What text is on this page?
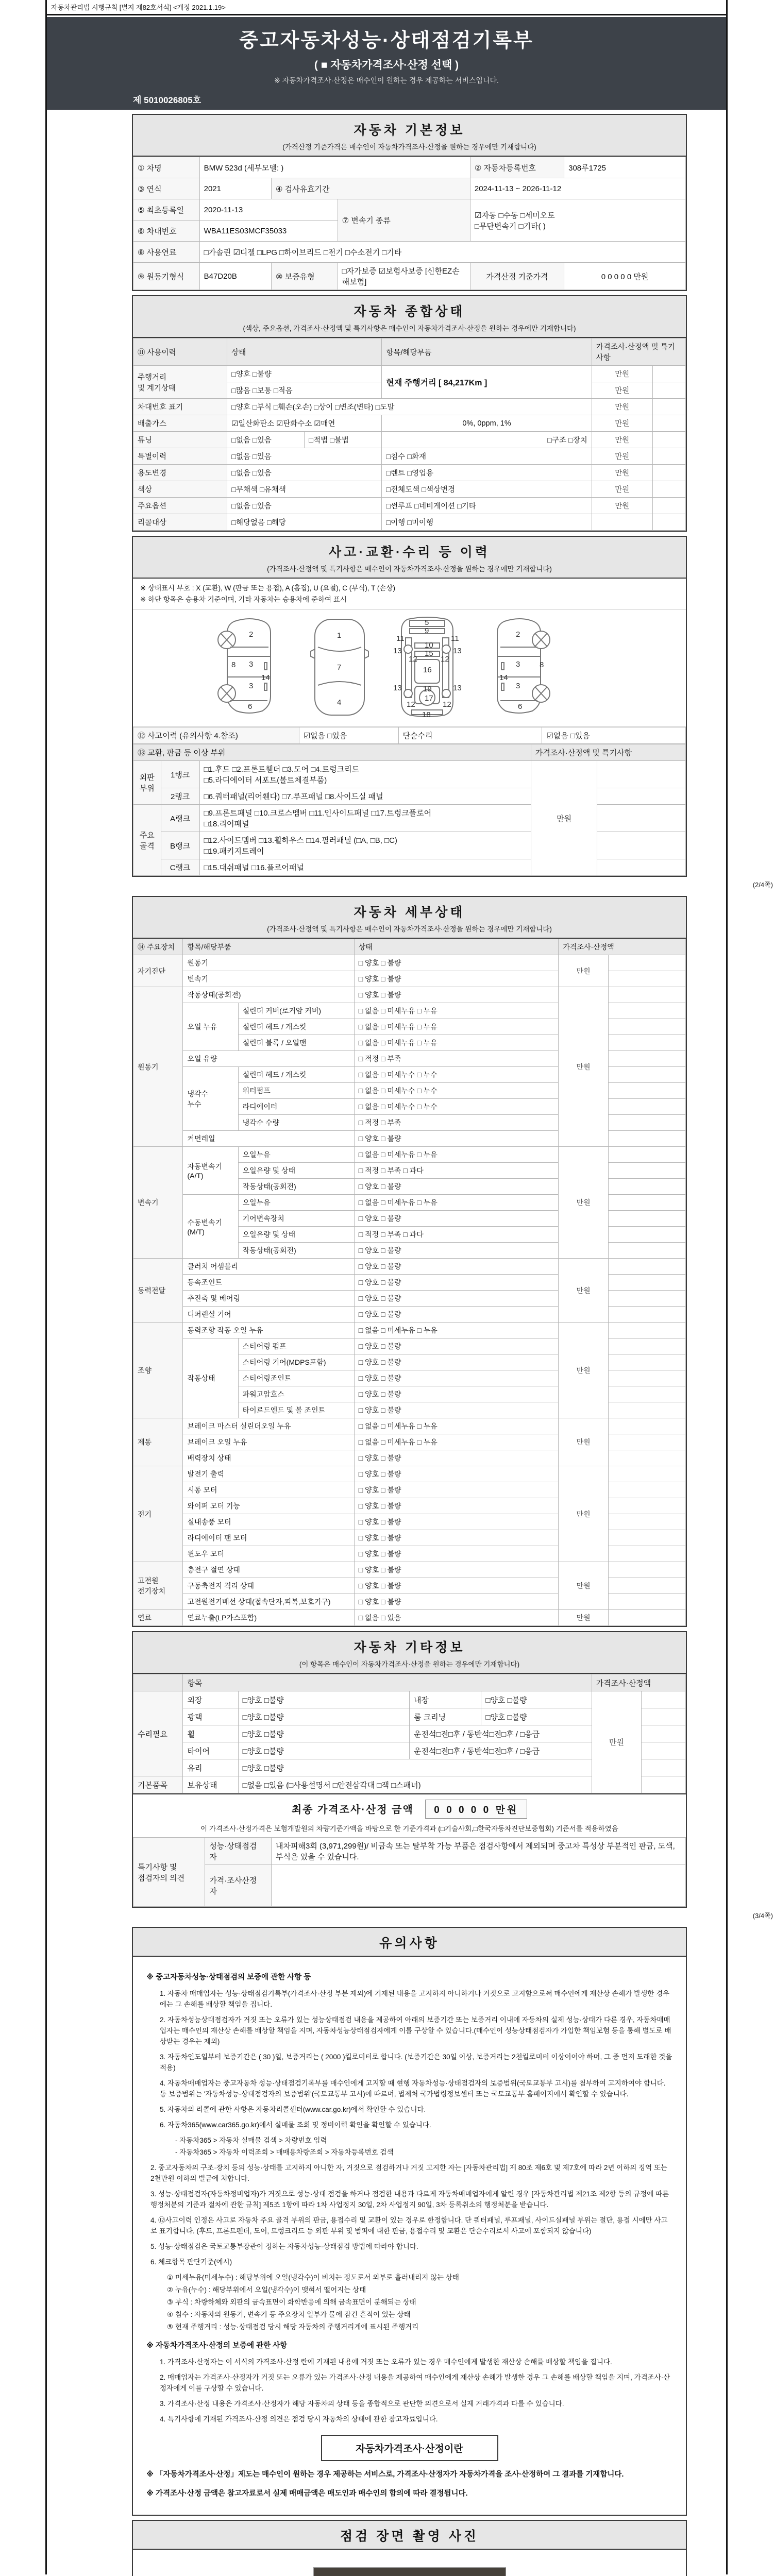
자동차관리법 시행규칙 [별지 제82호서식] <개정 2021.1.19>
중고자동차성능·상태점검기록부
( ■ 자동차가격조사·산정 선택 )
※ 자동차가격조사·산정은 매수인이 원하는 경우 제공하는 서비스입니다.
제 5010026805호
자동차 기본정보
(가격산정 기준가격은 매수인이 자동차가격조사·산정을 원하는 경우에만 기재합니다)
① 차명	BMW 523d (세부모델: )			② 자동차등록번호	308루1725
③ 연식	2021	④ 검사유효기간		2024-11-13 ~ 2026-11-12	
⑤ 최초등록일	2020-11-13		⑦ 변속기 종류	☑자동 □수동 □세미오토
□무단변속기 □기타( )	
⑥ 차대번호	WBA11ES03MCF35033				
⑧ 사용연료	□가솔린 ☑디젤 □LPG □하이브리드 □전기 □수소전기 □기타				
⑨ 원동기형식	B47D20B	⑩ 보증유형	□자가보증 ☑보험사보증 [신한EZ손해보험]	가격산정 기준가격	0 0 0 0 0 만원
자동차 종합상태
(색상, 주요옵션, 가격조사·산정액 및 특기사항은 매수인이 자동차가격조사·산정을 원하는 경우에만 기재합니다)
⑪ 사용이력	상태		항목/해당부품	가격조사·산정액 및 특기사항	
주행거리
및 계기상태	□양호 □불량		현재 주행거리 [ 84,217Km ]	만원	
	□많음 □보통 □적음			만원	
차대번호 표기	□양호 □부식 □훼손(오손) □상이 □변조(변타) □도말			만원	
배출가스	☑일산화탄소 ☑탄화수소 ☑매연		0%, 0ppm, 1%	만원	
튜닝	□없음 □있음	□적법 □불법	□구조 □장치	만원	
특별이력	□없음 □있음		□침수 □화재	만원	
용도변경	□없음 □있음		□렌트 □영업용	만원	
색상	□무채색 □유채색		□전체도색 □색상변경	만원	
주요옵션	□없음 □있음		□썬루프 □네비게이션 □기타	만원	
리콜대상	□해당없음 □해당		□이행 □미이행		
사고·교환·수리 등 이력
(가격조사·산정액 및 특기사항은 매수인이 자동차가격조사·산정을 원하는 경우에만 기재합니다)
※ 상태표시 부호 : X (교환), W (판금 또는 용접), A (흠집), U (요철), C (부식), T (손상)
※ 하단 항목은 승용차 기준이며, 기타 자동차는 승용차에 준하여 표시
2
8 3
3
14
6
1
7
4
5
9
11	11
13	13
12	12
10
15
16
19
13	13
12	12
17
18
2
8
3
3
14
6
⑫ 사고이력 (유의사항 4.참조)	☑없음 □있음	단순수리	☑없음 □있음
⑬ 교환, 판금 등 이상 부위			가격조사·산정액 및 특기사항	
외판
부위	1랭크	□1.후드 □2.프론트휀더 □3.도어 □4.트렁크리드
□5.라디에이터 서포트(볼트체결부품)	만원	
	2랭크	□6.쿼터패널(리어휀다) □7.루프패널 □8.사이드실 패널		
주요
골격	A랭크	□9.프론트패널 □10.크로스멤버 □11.인사이드패널 □17.트렁크플로어
□18.리어패널		
	B랭크	□12.사이드멤버 □13.휠하우스 □14.필러패널 (□A, □B, □C)
□19.패키지트레이		
	C랭크	□15.대쉬패널 □16.플로어패널		
(2/4쪽)
자동차 세부상태
(가격조사·산정액 및 특기사항은 매수인이 자동차가격조사·산정을 원하는 경우에만 기재합니다)
⑭ 주요장치	항목/해당부품		상태	가격조사·산정액	
자기진단	원동기		□ 양호 □ 불량	만원	
	변속기		□ 양호 □ 불량		
원동기	작동상태(공회전)		□ 양호 □ 불량	만원	
	오일 누유	실린더 커버(로커암 커버)	□ 없음 □ 미세누유 □ 누유		
		실린더 헤드 / 개스킷	□ 없음 □ 미세누유 □ 누유		
		실린더 블록 / 오일팬	□ 없음 □ 미세누유 □ 누유		
	오일 유량		□ 적정 □ 부족		
	냉각수
누수	실린더 헤드 / 개스킷	□ 없음 □ 미세누수 □ 누수		
		워터펌프	□ 없음 □ 미세누수 □ 누수		
		라디에이터	□ 없음 □ 미세누수 □ 누수		
		냉각수 수량	□ 적정 □ 부족		
	커먼레일		□ 양호 □ 불량		
변속기	자동변속기
(A/T)	오일누유	□ 없음 □ 미세누유 □ 누유	만원	
		오일유량 및 상태	□ 적정 □ 부족 □ 과다		
		작동상태(공회전)	□ 양호 □ 불량		
	수동변속기
(M/T)	오일누유	□ 없음 □ 미세누유 □ 누유		
		기어변속장치	□ 양호 □ 불량		
		오일유량 및 상태	□ 적정 □ 부족 □ 과다		
		작동상태(공회전)	□ 양호 □ 불량		
동력전달	클러치 어셈블리		□ 양호 □ 불량	만원	
	등속조인트		□ 양호 □ 불량		
	추진축 및 베어링		□ 양호 □ 불량		
	디퍼렌셜 기어		□ 양호 □ 불량		
조향	동력조향 작동 오일 누유		□ 없음 □ 미세누유 □ 누유	만원	
	작동상태	스티어링 펌프	□ 양호 □ 불량		
		스티어링 기어(MDPS포함)	□ 양호 □ 불량		
		스티어링조인트	□ 양호 □ 불량		
		파워고압호스	□ 양호 □ 불량		
		타이로드엔드 및 볼 조인트	□ 양호 □ 불량		
제동	브레이크 마스터 실린더오일 누유		□ 없음 □ 미세누유 □ 누유	만원	
	브레이크 오일 누유		□ 없음 □ 미세누유 □ 누유		
	배력장치 상태		□ 양호 □ 불량		
전기	발전기 출력		□ 양호 □ 불량	만원	
	시동 모터		□ 양호 □ 불량		
	와이퍼 모터 기능		□ 양호 □ 불량		
	실내송풍 모터		□ 양호 □ 불량		
	라디에이터 팬 모터		□ 양호 □ 불량		
	윈도우 모터		□ 양호 □ 불량		
고전원
전기장치	충전구 절연 상태		□ 양호 □ 불량	만원	
	구동축전지 격리 상태		□ 양호 □ 불량		
	고전원전기배선 상태(접속단자,피복,보호기구)		□ 양호 □ 불량		
연료	연료누출(LP가스포함)		□ 없음 □ 있음	만원	
자동차 기타정보
(이 항목은 매수인이 자동차가격조사·산정을 원하는 경우에만 기재합니다)
	항목				가격조사·산정액	
수리필요	외장	□양호 □불량	내장	□양호 □불량	만원	
	광택	□양호 □불량	룸 크리닝	□양호 □불량		
	휠	□양호 □불량	운전석□전□후 / 동반석□전□후 / □응급			
	타이어	□양호 □불량	운전석□전□후 / 동반석□전□후 / □응급			
	유리	□양호 □불량				
기본품목	보유상태	□없음 □있음 (□사용설명서 □안전삼각대 □잭 □스패너)				
최종 가격조사·산정 금액 0 0 0 0 0 만원
이 가격조사·산정가격은 보험개발원의 차량기준가액을 바탕으로 한 기준가격과 (□기술사회,□한국자동차진단보증협회) 기준서를 적용하였음
특기사항 및
점검자의 의견	성능·상태점검
자	내차피해3회 (3,971,299원)/ 비금속 또는 탈부착 가능 부품은 점검사항에서 제외되며 중고차 특성상 부분적인 판금, 도색, 부식은 있을 수 있습니다.
	가격·조사산정
자	
(3/4쪽)
유의사항
※ 중고자동차성능·상태점검의 보증에 관한 사항 등
1. 자동차 매매업자는 성능·상태점검기록부(가격조사·산정 부분 제외)에 기재된 내용을 고지하지 아니하거나 거짓으로 고지함으로써 매수인에게 재산상 손해가 발생한 경우에는 그 손해를 배상할 책임을 집니다.
2. 자동차성능상태점검자가 거짓 또는 오류가 있는 성능상태점검 내용을 제공하여 아래의 보증기간 또는 보증거리 이내에 자동차의 실제 성능·상태가 다른 경우, 자동차매매업자는 매수인의 재산상 손해를 배상할 책임을 지며, 자동차성능상태점검자에게 이를 구상할 수 있습니다.(매수인이 성능상태점검자가 가입한 책임보험 등을 통해 별도로 배상받는 경우는 제외)
3. 자동차인도일부터 보증기간은 ( 30 )일, 보증거리는 ( 2000 )킬로미터로 합니다. (보증기간은 30일 이상, 보증거리는 2천킬로미터 이상이어야 하며, 그 중 먼저 도래한 것을 적용)
4. 자동차매매업자는 중고자동차 성능·상태점검기록부를 매수인에게 고지할 때 현행 자동차성능·상태점검자의 보증범위(국토교통부 고시)를 첨부하여 고지하여야 합니다. 동 보증범위는 '자동차성능·상태점검자의 보증범위'(국토교통부 고시)에 따르며, 법제처 국가법령정보센터 또는 국토교통부 홈페이지에서 확인할 수 있습니다.
5. 자동차의 리콜에 관한 사항은 자동차리콜센터(www.car.go.kr)에서 확인할 수 있습니다.
6. 자동차365(www.car365.go.kr)에서 실매물 조회 및 정비이력 확인을 확인할 수 있습니다.
- 자동차365 > 자동차 실매물 검색 > 차량번호 입력
- 자동차365 > 자동차 이력조회 > 매매용차량조회 > 자동차등록번호 검색
2. 중고자동차의 구조·장치 등의 성능·상태를 고지하지 아니한 자, 거짓으로 점검하거나 거짓 고지한 자는 [자동차관리법] 제 80조 제6호 및 제7호에 따라 2년 이하의 징역 또는 2천만원 이하의 벌금에 처합니다.
3. 성능·상태점검자(자동차정비업자)가 거짓으로 성능·상태 점검을 하거나 점검한 내용과 다르게 자동차매매업자에게 알린 경우 [자동차관리법 제21조 제2항 등의 규정에 따른 행정처분의 기준과 절차에 관한 규칙] 제5조 1항에 따라 1차 사업정지 30일, 2차 사업정지 90일, 3차 등록취소의 행정처분을 받습니다.
4. ⑫사고이력 인정은 사고로 자동차 주요 골격 부위의 판금, 용접수리 및 교환이 있는 경우로 한정합니다. 단 쿼터패널, 루프패널, 사이드실패널 부위는 절단, 용접 시에만 사고로 표기합니다. (후드, 프론트펜더, 도어, 트렁크리드 등 외판 부위 및 범퍼에 대한 판금, 용접수리 및 교환은 단순수리로서 사고에 포함되지 않습니다)
5. 성능·상태점검은 국토교통부장관이 정하는 자동차성능·상태점검 방법에 따라야 합니다.
6. 체크항목 판단기준(예시)
① 미세누유(미세누수) : 해당부위에 오일(냉각수)이 비치는 정도로서 외부로 흘러내리지 않는 상태
② 누유(누수) : 해당부위에서 오일(냉각수)이 맺혀서 떨어지는 상태
③ 부식 : 차량하체와 외판의 금속표면이 화학반응에 의해 금속표면이 분해되는 상태
④ 침수 : 자동차의 원동기, 변속기 등 주요장치 일부가 물에 잠긴 흔적이 있는 상태
⑤ 현재 주행거리 : 성능·상태점검 당시 해당 자동차의 주행거리계에 표시된 주행거리
※ 자동차가격조사·산정의 보증에 관한 사항
1. 가격조사·산정자는 이 서식의 가격조사·산정 란에 기재된 내용에 거짓 또는 오류가 있는 경우 매수인에게 발생한 재산상 손해를 배상할 책임을 집니다.
2. 매매업자는 가격조사·산정자가 거짓 또는 오류가 있는 가격조사·산정 내용을 제공하여 매수인에게 재산상 손해가 발생한 경우 그 손해를 배상할 책임을 지며, 가격조사·산정자에게 이를 구상할 수 있습니다.
3. 가격조사·산정 내용은 가격조사·산정자가 해당 자동차의 상태 등을 종합적으로 판단한 의견으로서 실제 거래가격과 다를 수 있습니다.
4. 특기사항에 기재된 가격조사·산정 의견은 점검 당시 자동차의 상태에 관한 참고자료입니다.
자동차가격조사·산정이란
※ 「자동차가격조사·산정」제도는 매수인이 원하는 경우 제공하는 서비스로, 가격조사·산정자가 자동차가격을 조사·산정하여 그 결과를 기재합니다.
※ 가격조사·산정 금액은 참고자료로서 실제 매매금액은 매도인과 매수인의 합의에 따라 결정됩니다.
점검 장면 촬영 사진
